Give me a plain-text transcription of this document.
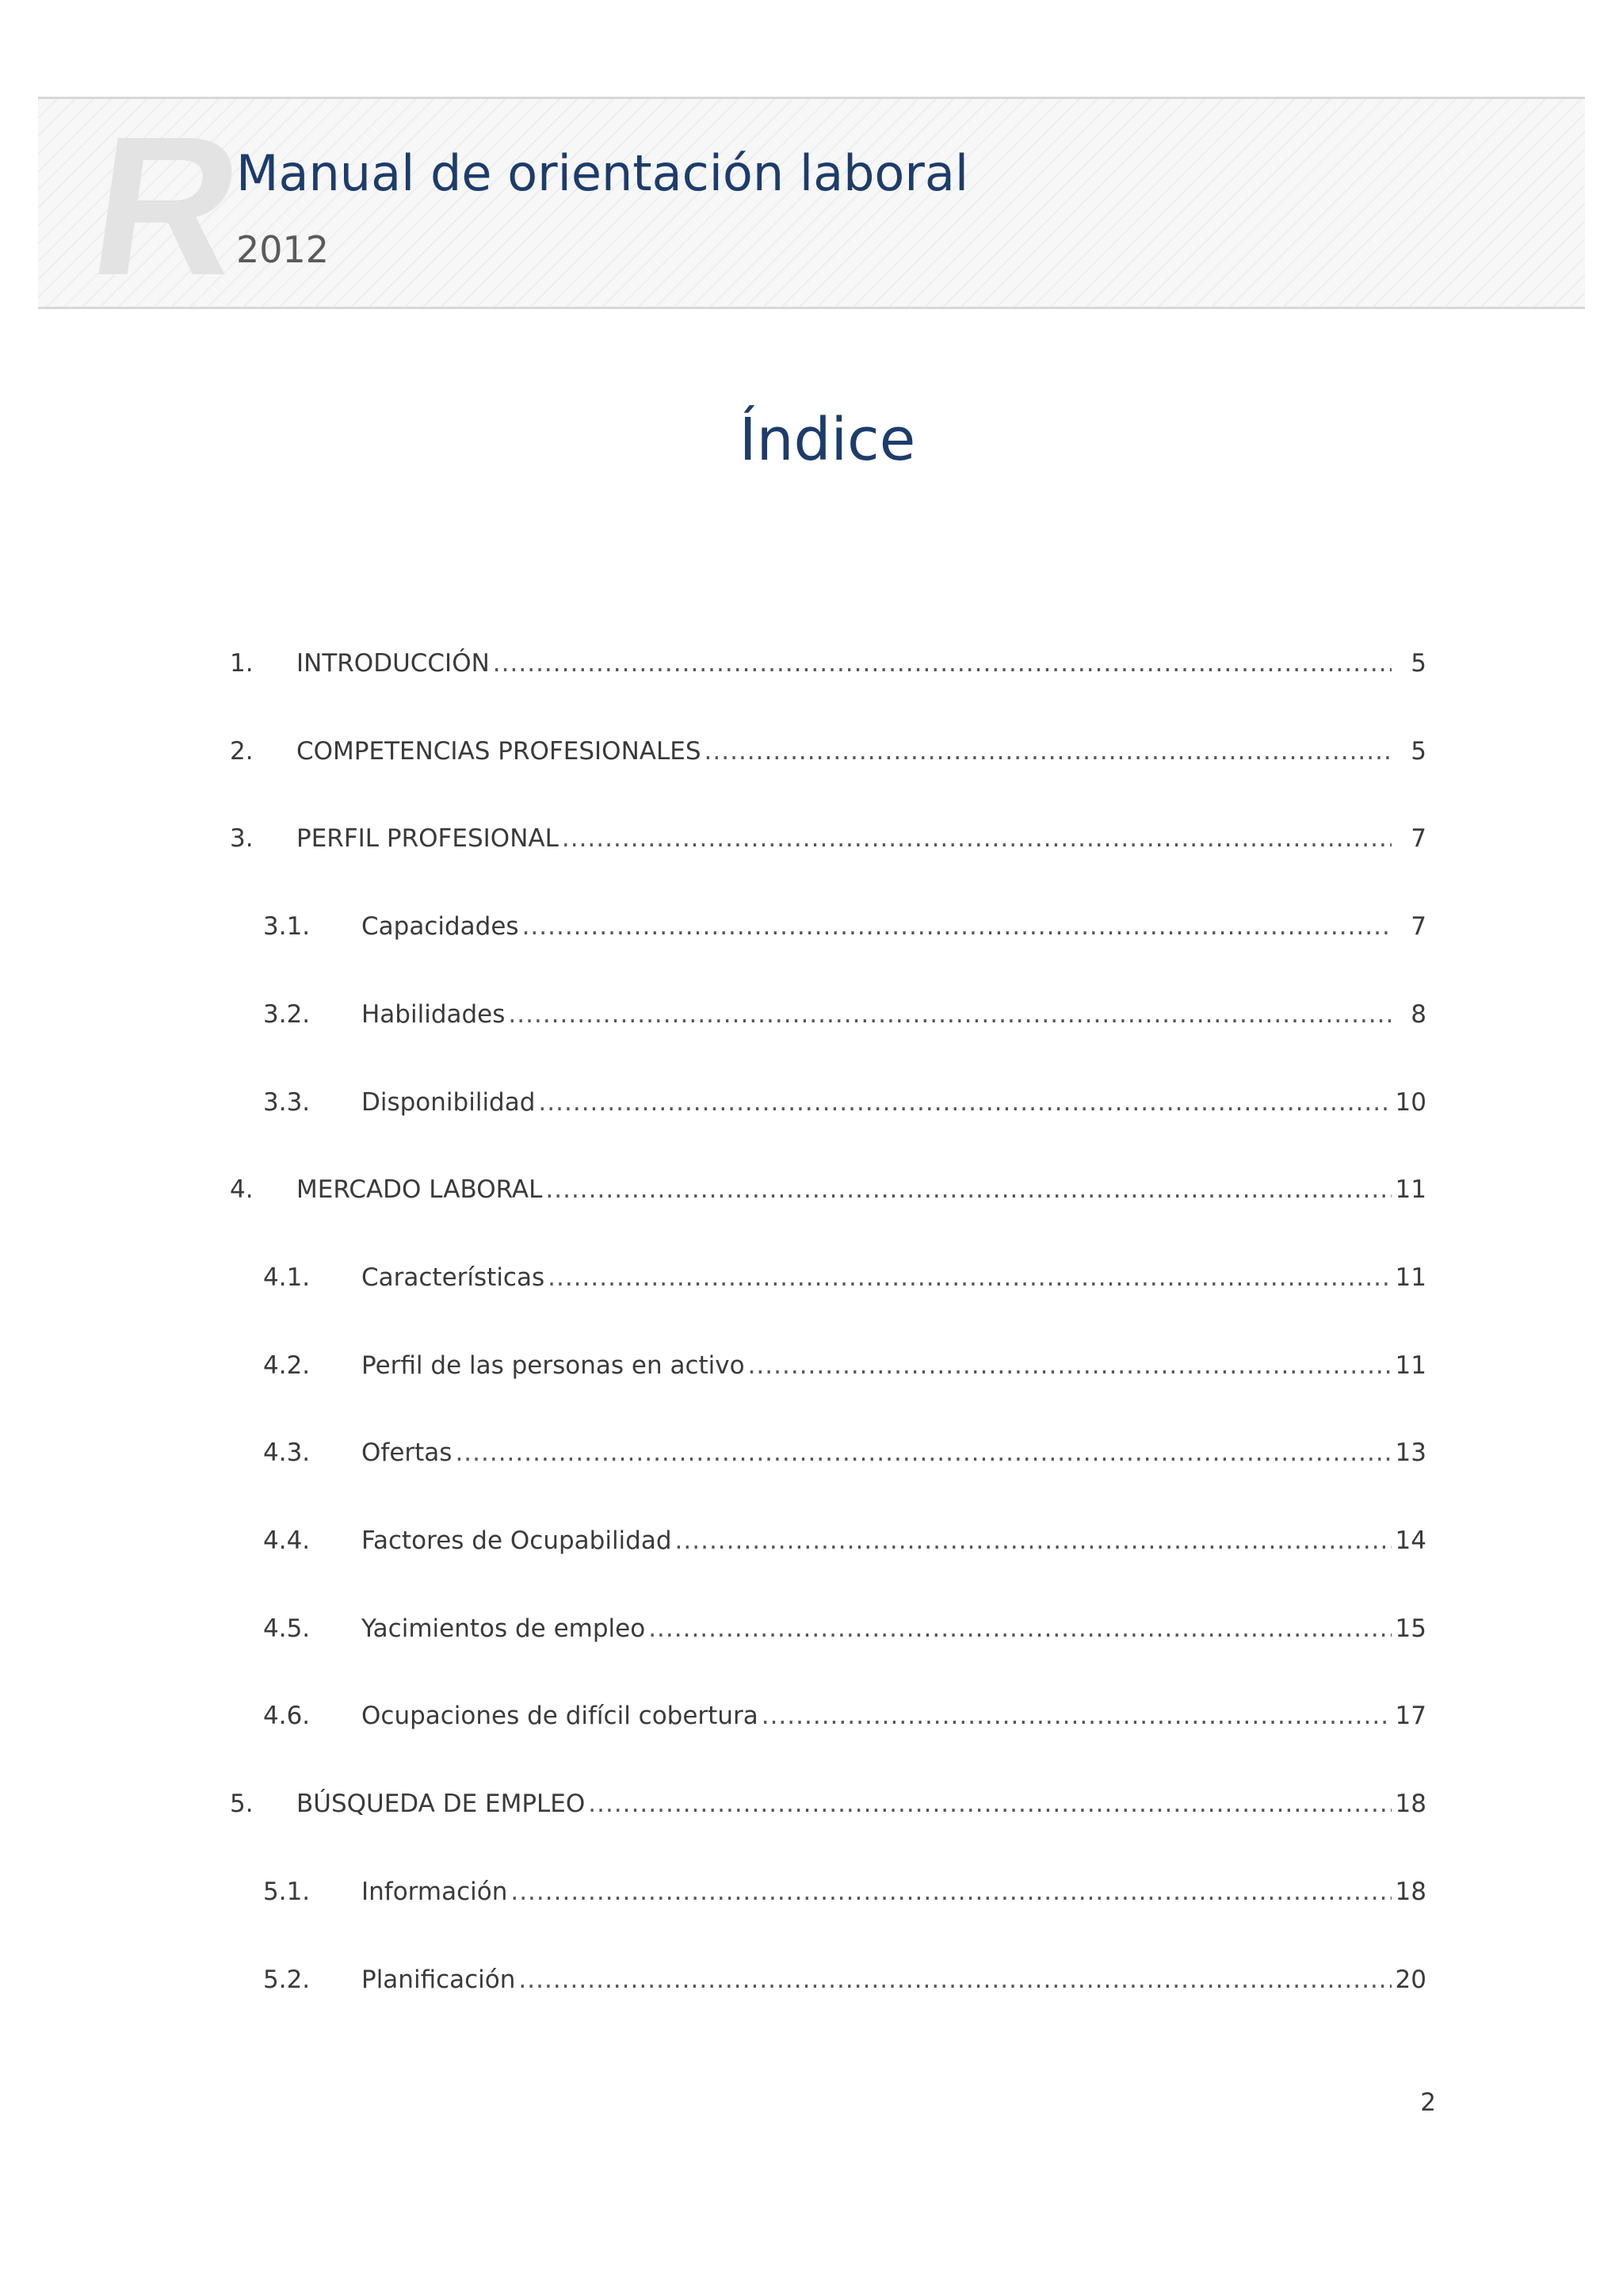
R
Manual de orientación laboral
2012
Índice
1. INTRODUCCIÓN .....	5
2. COMPETENCIAS PROFESIONALES .....	5
3. PERFIL PROFESIONAL .....	7
3.1. Capacidades .....	7
3.2. Habilidades .....	8
3.3. Disponibilidad .....	10
4. MERCADO LABORAL .....	11
4.1. Características .....	11
4.2. Perfil de las personas en activo .....	11
4.3. Ofertas .....	13
4.4. Factores de Ocupabilidad .....	14
4.5. Yacimientos de empleo .....	15
4.6. Ocupaciones de difícil cobertura .....	17
5. BÚSQUEDA DE EMPLEO .....	18
5.1. Información .....	18
5.2. Planificación .....	20
2
